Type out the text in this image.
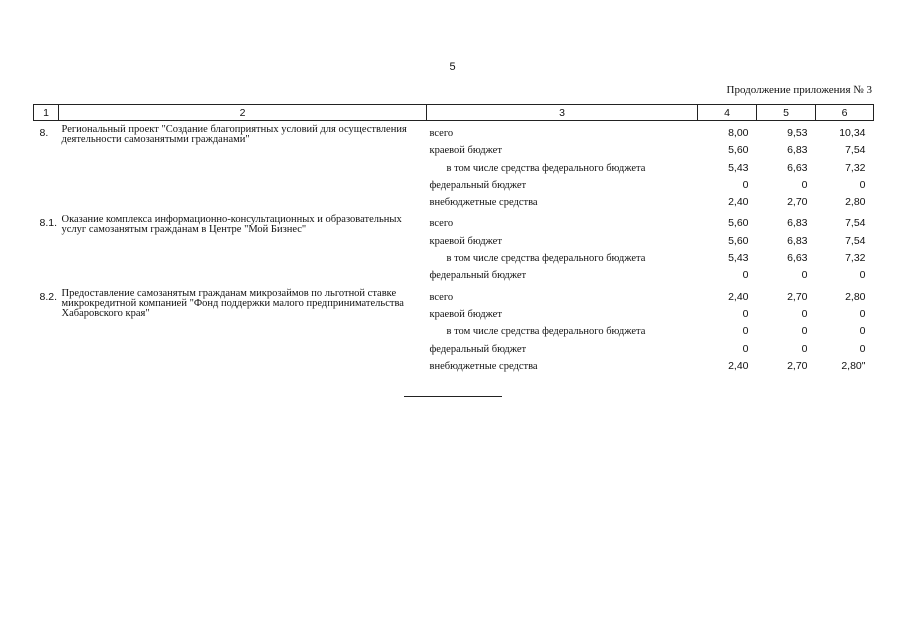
5
Продолжение приложения № 3
1	2	3	4	5	6
8.	Региональный проект "Создание благоприятных условий для осуществления деятельности самозанятыми гражданами"	всего	8,00	9,53	10,34
		краевой бюджет	5,60	6,83	7,54
		в том числе средства федерального бюджета	5,43	6,63	7,32
		федеральный бюджет	0	0	0
		внебюджетные средства	2,40	2,70	2,80
8.1.	Оказание комплекса информационно-консультационных и образовательных услуг самозанятым гражданам в Центре "Мой Бизнес"	всего	5,60	6,83	7,54
		краевой бюджет	5,60	6,83	7,54
		в том числе средства федерального бюджета	5,43	6,63	7,32
		федеральный бюджет	0	0	0
8.2.	Предоставление самозанятым гражданам микрозаймов по льготной ставке микрокредитной компанией "Фонд поддержки малого предпринимательства Хабаровского края"	всего	2,40	2,70	2,80
		краевой бюджет	0	0	0
		в том числе средства федерального бюджета	0	0	0
		федеральный бюджет	0	0	0
		внебюджетные средства	2,40	2,70	2,80"
